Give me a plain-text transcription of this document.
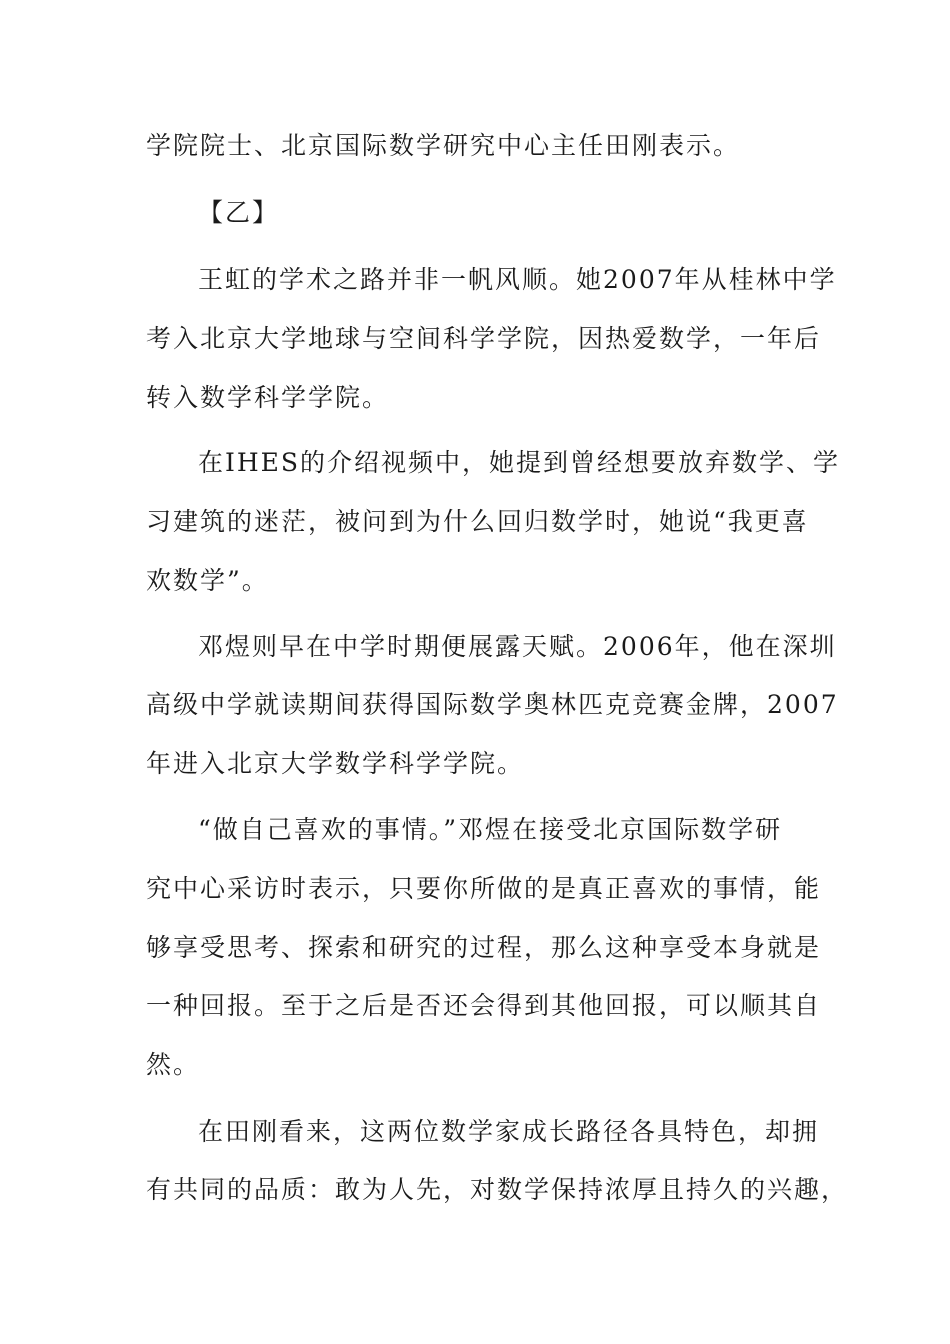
学院院士、北京国际数学研究中心主任田刚表示。
【乙】
王虹的学术之路并非一帆风顺。她2007年从桂林中学
考入北京大学地球与空间科学学院，因热爱数学，一年后
转入数学科学学院。
在IHES的介绍视频中，她提到曾经想要放弃数学、学
习建筑的迷茫，被问到为什么回归数学时，她说“我更喜
欢数学”。
邓煜则早在中学时期便展露天赋。2006年，他在深圳
高级中学就读期间获得国际数学奥林匹克竞赛金牌，2007
年进入北京大学数学科学学院。
“做自己喜欢的事情。”邓煜在接受北京国际数学研
究中心采访时表示，只要你所做的是真正喜欢的事情，能
够享受思考、探索和研究的过程，那么这种享受本身就是
一种回报。至于之后是否还会得到其他回报，可以顺其自
然。
在田刚看来，这两位数学家成长路径各具特色，却拥
有共同的品质：敢为人先，对数学保持浓厚且持久的兴趣，
